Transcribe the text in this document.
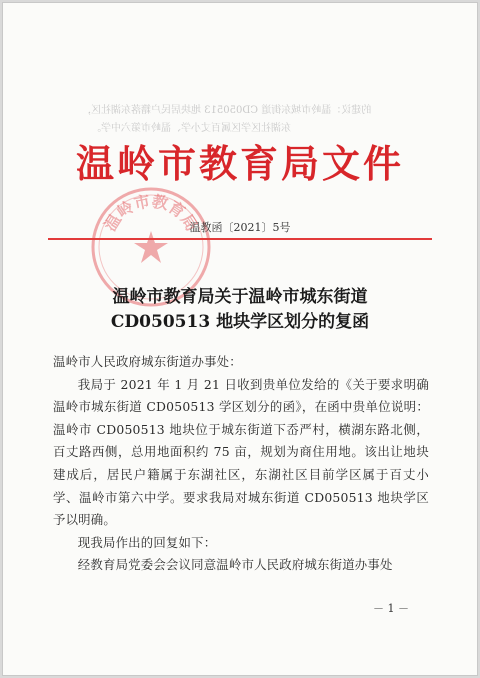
的建议：温岭市城东街道 CD050513 地块居民户籍落东湖社区，
东湖社区学区属百丈小学、温岭市第六中学。
温岭市教育局文件
温岭市教育局
温教函〔2021〕5号
温岭市教育局关于温岭市城东街道
CD050513 地块学区划分的复函

温岭市人民政府城东街道办事处：

我局于 2021 年 1 月 21 日收到贵单位发给的《关于要求明确温岭市城东街道 CD050513 学区划分的函》，在函中贵单位说明：温岭市 CD050513 地块位于城东街道下岙严村，横湖东路北侧，百丈路西侧，总用地面积约 75 亩，规划为商住用地。该出让地块建成后，居民户籍属于东湖社区，东湖社区目前学区属于百丈小学、温岭市第六中学。要求我局对城东街道 CD050513 地块学区予以明确。

现我局作出的回复如下：

经教育局党委会会议同意温岭市人民政府城东街道办事处

－ 1 －
